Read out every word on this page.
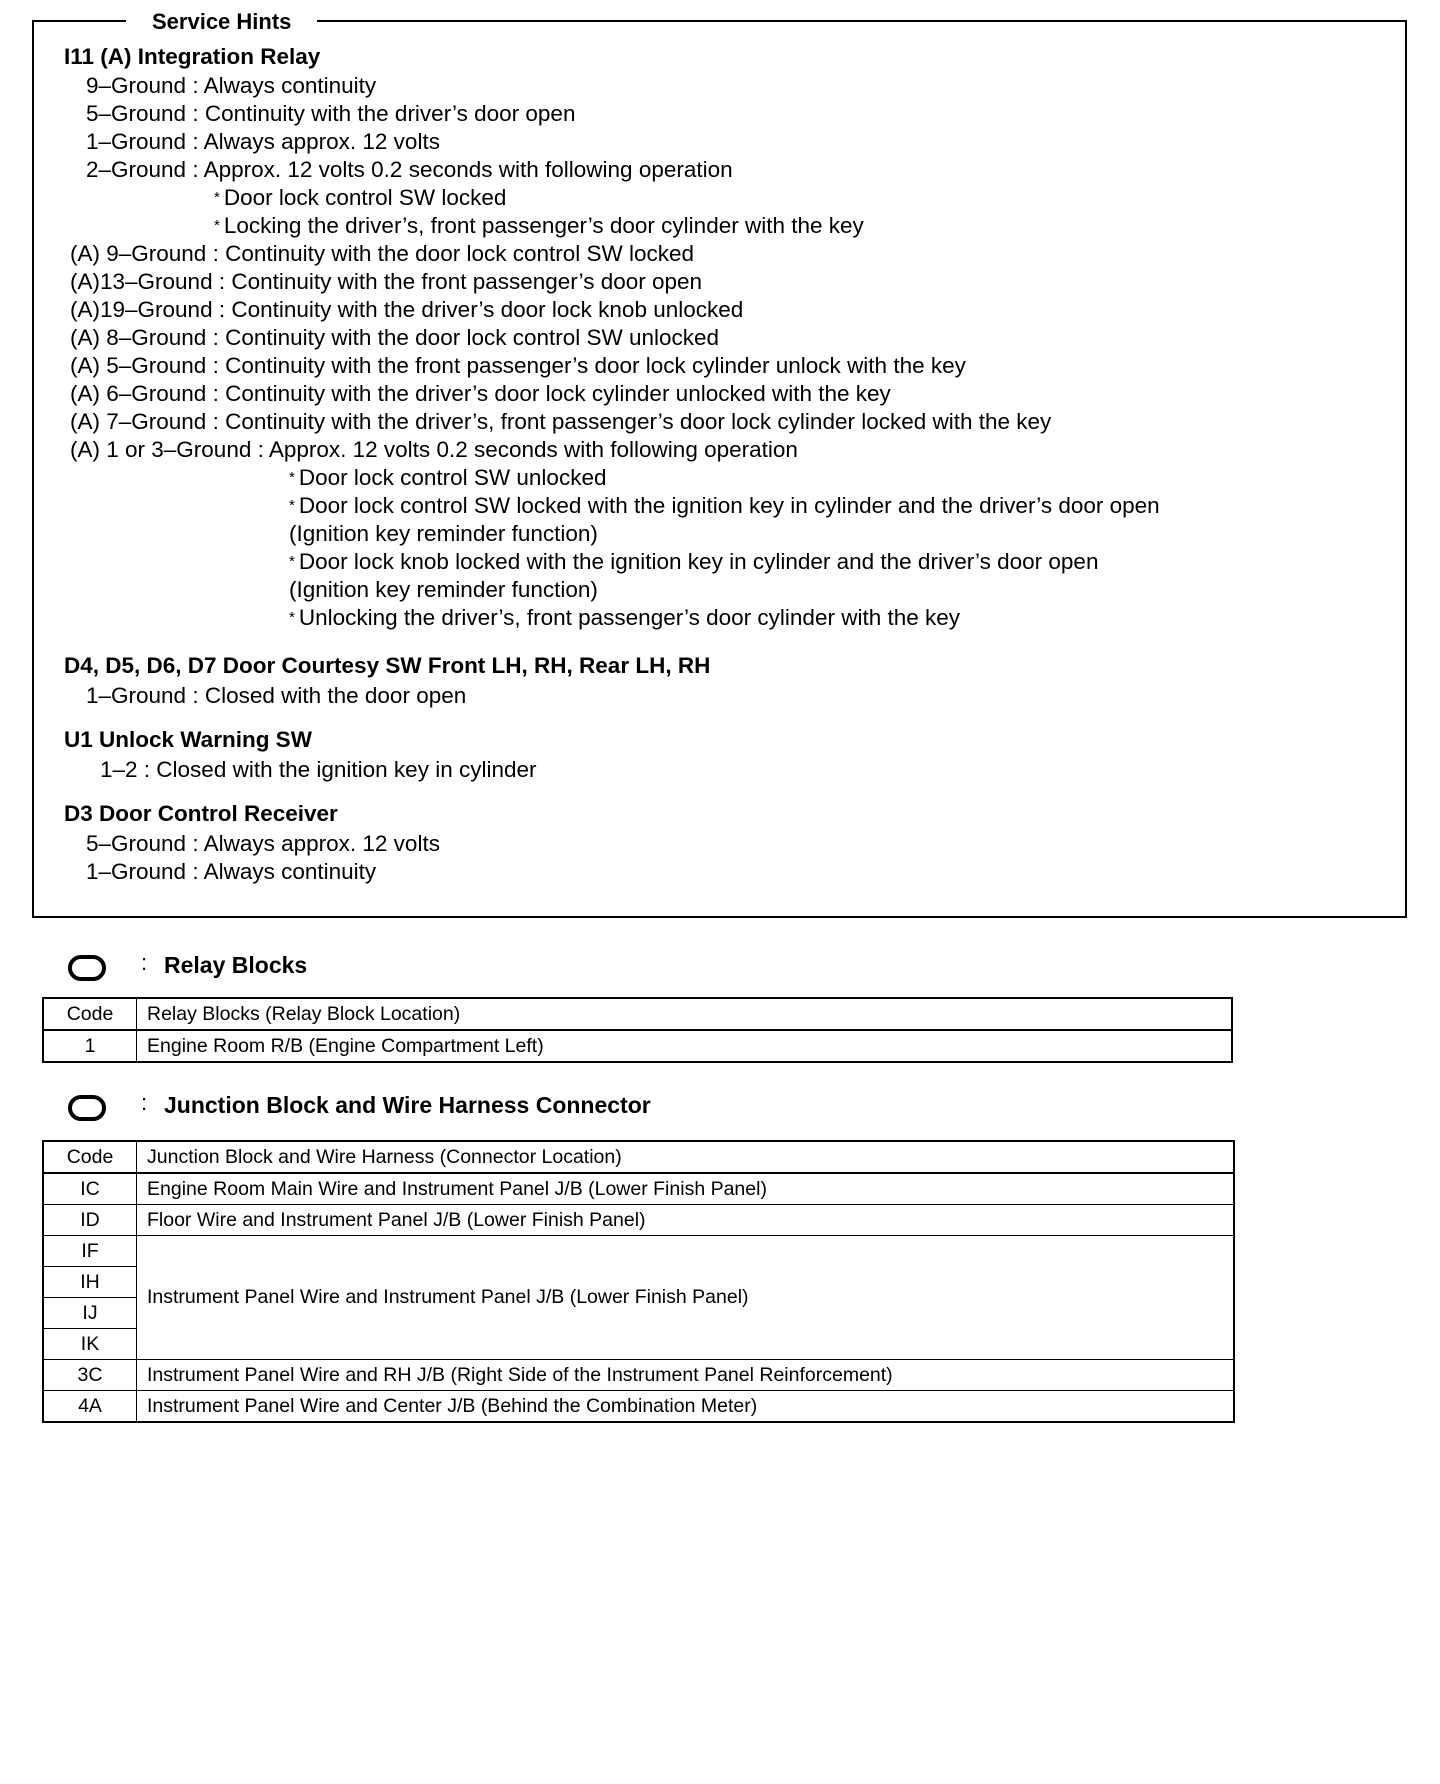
Service Hints
I11 (A) Integration Relay
9–Ground : Always continuity
5–Ground : Continuity with the driver’s door open
1–Ground : Always approx. 12 volts
2–Ground : Approx. 12 volts 0.2 seconds with following operation
* Door lock control SW locked
* Locking the driver’s, front passenger’s door cylinder with the key
(A) 9–Ground : Continuity with the door lock control SW locked
(A)13–Ground : Continuity with the front passenger’s door open
(A)19–Ground : Continuity with the driver’s door lock knob unlocked
(A) 8–Ground : Continuity with the door lock control SW unlocked
(A) 5–Ground : Continuity with the front passenger’s door lock cylinder unlock with the key
(A) 6–Ground : Continuity with the driver’s door lock cylinder unlocked with the key
(A) 7–Ground : Continuity with the driver’s, front passenger’s door lock cylinder locked with the key
(A) 1 or 3–Ground : Approx. 12 volts 0.2 seconds with following operation
* Door lock control SW unlocked
* Door lock control SW locked with the ignition key in cylinder and the driver’s door open
(Ignition key reminder function)
* Door lock knob locked with the ignition key in cylinder and the driver’s door open
(Ignition key reminder function)
* Unlocking the driver’s, front passenger’s door cylinder with the key
D4, D5, D6, D7 Door Courtesy SW Front LH, RH, Rear LH, RH
1–Ground : Closed with the door open
U1 Unlock Warning SW
1–2 : Closed with the ignition key in cylinder
D3 Door Control Receiver
5–Ground : Always approx. 12 volts
1–Ground : Always continuity
: Relay Blocks
Code	Relay Blocks (Relay Block Location)
1	Engine Room R/B (Engine Compartment Left)
: Junction Block and Wire Harness Connector
Code	Junction Block and Wire Harness (Connector Location)
IC	Engine Room Main Wire and Instrument Panel J/B (Lower Finish Panel)
ID	Floor Wire and Instrument Panel J/B (Lower Finish Panel)
IF	Instrument Panel Wire and Instrument Panel J/B (Lower Finish Panel)
IH	
IJ	
IK	
3C	Instrument Panel Wire and RH J/B (Right Side of the Instrument Panel Reinforcement)
4A	Instrument Panel Wire and Center J/B (Behind the Combination Meter)
